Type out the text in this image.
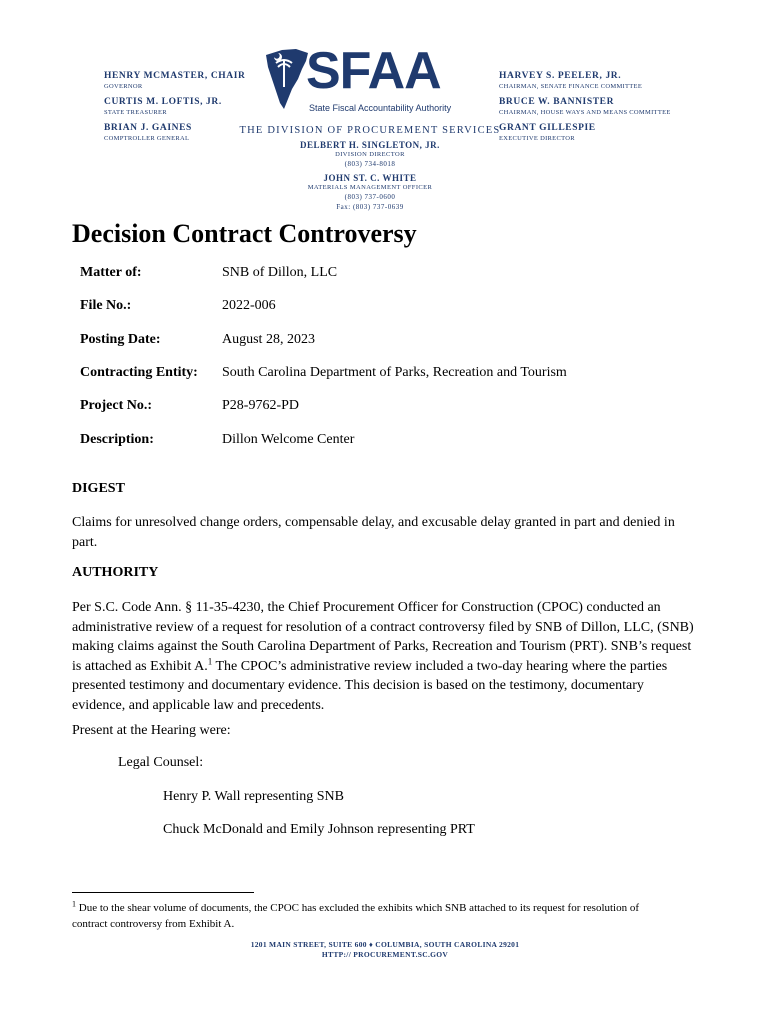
HENRY MCMASTER, CHAIR
GOVERNOR
CURTIS M. LOFTIS, JR.
STATE TREASURER
BRIAN J. GAINES
COMPTROLLER GENERAL
SFAA
State Fiscal Accountability Authority
HARVEY S. PEELER, JR.
CHAIRMAN, SENATE FINANCE COMMITTEE
BRUCE W. BANNISTER
CHAIRMAN, HOUSE WAYS AND MEANS COMMITTEE
GRANT GILLESPIE
EXECUTIVE DIRECTOR
THE DIVISION OF PROCUREMENT SERVICES
DELBERT H. SINGLETON, JR.
DIVISION DIRECTOR
(803) 734-8018
JOHN ST. C. WHITE
MATERIALS MANAGEMENT OFFICER
(803) 737-0600
Fax: (803) 737-0639
Decision Contract Controversy
Matter of:	SNB of Dillon, LLC
File No.:	2022-006
Posting Date:	August 28, 2023
Contracting Entity: South Carolina Department of Parks, Recreation and Tourism
Project No.:	P28-9762-PD
Description:	Dillon Welcome Center
DIGEST
Claims for unresolved change orders, compensable delay, and excusable delay granted in part and denied in part.
AUTHORITY
Per S.C. Code Ann. § 11-35-4230, the Chief Procurement Officer for Construction (CPOC) conducted an administrative review of a request for resolution of a contract controversy filed by SNB of Dillon, LLC, (SNB) making claims against the South Carolina Department of Parks, Recreation and Tourism (PRT). SNB’s request is attached as Exhibit A.$^1$ The CPOC’s administrative review included a two-day hearing where the parties presented testimony and documentary evidence. This decision is based on the testimony, documentary evidence, and applicable law and precedents.
Present at the Hearing were:
Legal Counsel:
Henry P. Wall representing SNB
Chuck McDonald and Emily Johnson representing PRT
$^1$ Due to the shear volume of documents, the CPOC has excluded the exhibits which SNB attached to its request for resolution of contract controversy from Exhibit A.
1201 MAIN STREET, SUITE 600 ♦ COLUMBIA, SOUTH CAROLINA 29201
HTTP:// PROCUREMENT.SC.GOV
